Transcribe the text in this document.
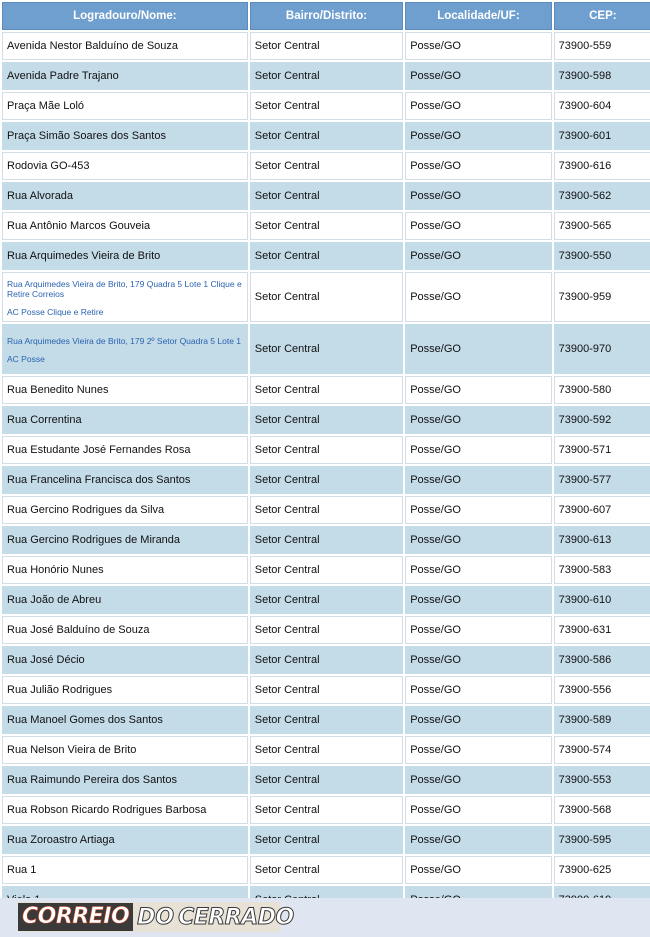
Logradouro/Nome:	Bairro/Distrito:	Localidade/UF:	CEP:
Avenida Nestor Balduíno de Souza	Setor Central	Posse/GO	73900-559
Avenida Padre Trajano	Setor Central	Posse/GO	73900-598
Praça Mãe Loló	Setor Central	Posse/GO	73900-604
Praça Simão Soares dos Santos	Setor Central	Posse/GO	73900-601
Rodovia GO-453	Setor Central	Posse/GO	73900-616
Rua Alvorada	Setor Central	Posse/GO	73900-562
Rua Antônio Marcos Gouveia	Setor Central	Posse/GO	73900-565
Rua Arquimedes Vieira de Brito	Setor Central	Posse/GO	73900-550

Rua Arquimedes Vieira de Brito, 179 Quadra 5 Lote 1 Clique e Retire Correios
AC Posse Clique e Retire	Setor Central	Posse/GO	73900-959

Rua Arquimedes Vieira de Brito, 179 2º Setor Quadra 5 Lote 1
AC Posse	Setor Central	Posse/GO	73900-970
Rua Benedito Nunes	Setor Central	Posse/GO	73900-580
Rua Correntina	Setor Central	Posse/GO	73900-592
Rua Estudante José Fernandes Rosa	Setor Central	Posse/GO	73900-571
Rua Francelina Francisca dos Santos	Setor Central	Posse/GO	73900-577
Rua Gercino Rodrigues da Silva	Setor Central	Posse/GO	73900-607
Rua Gercino Rodrigues de Miranda	Setor Central	Posse/GO	73900-613
Rua Honório Nunes	Setor Central	Posse/GO	73900-583
Rua João de Abreu	Setor Central	Posse/GO	73900-610
Rua José Balduíno de Souza	Setor Central	Posse/GO	73900-631
Rua José Décio	Setor Central	Posse/GO	73900-586
Rua Julião Rodrigues	Setor Central	Posse/GO	73900-556
Rua Manoel Gomes dos Santos	Setor Central	Posse/GO	73900-589
Rua Nelson Vieira de Brito	Setor Central	Posse/GO	73900-574
Rua Raimundo Pereira dos Santos	Setor Central	Posse/GO	73900-553
Rua Robson Ricardo Rodrigues Barbosa	Setor Central	Posse/GO	73900-568
Rua Zoroastro Artiaga	Setor Central	Posse/GO	73900-595
Rua 1	Setor Central	Posse/GO	73900-625

CORREIO DO CERRADO
